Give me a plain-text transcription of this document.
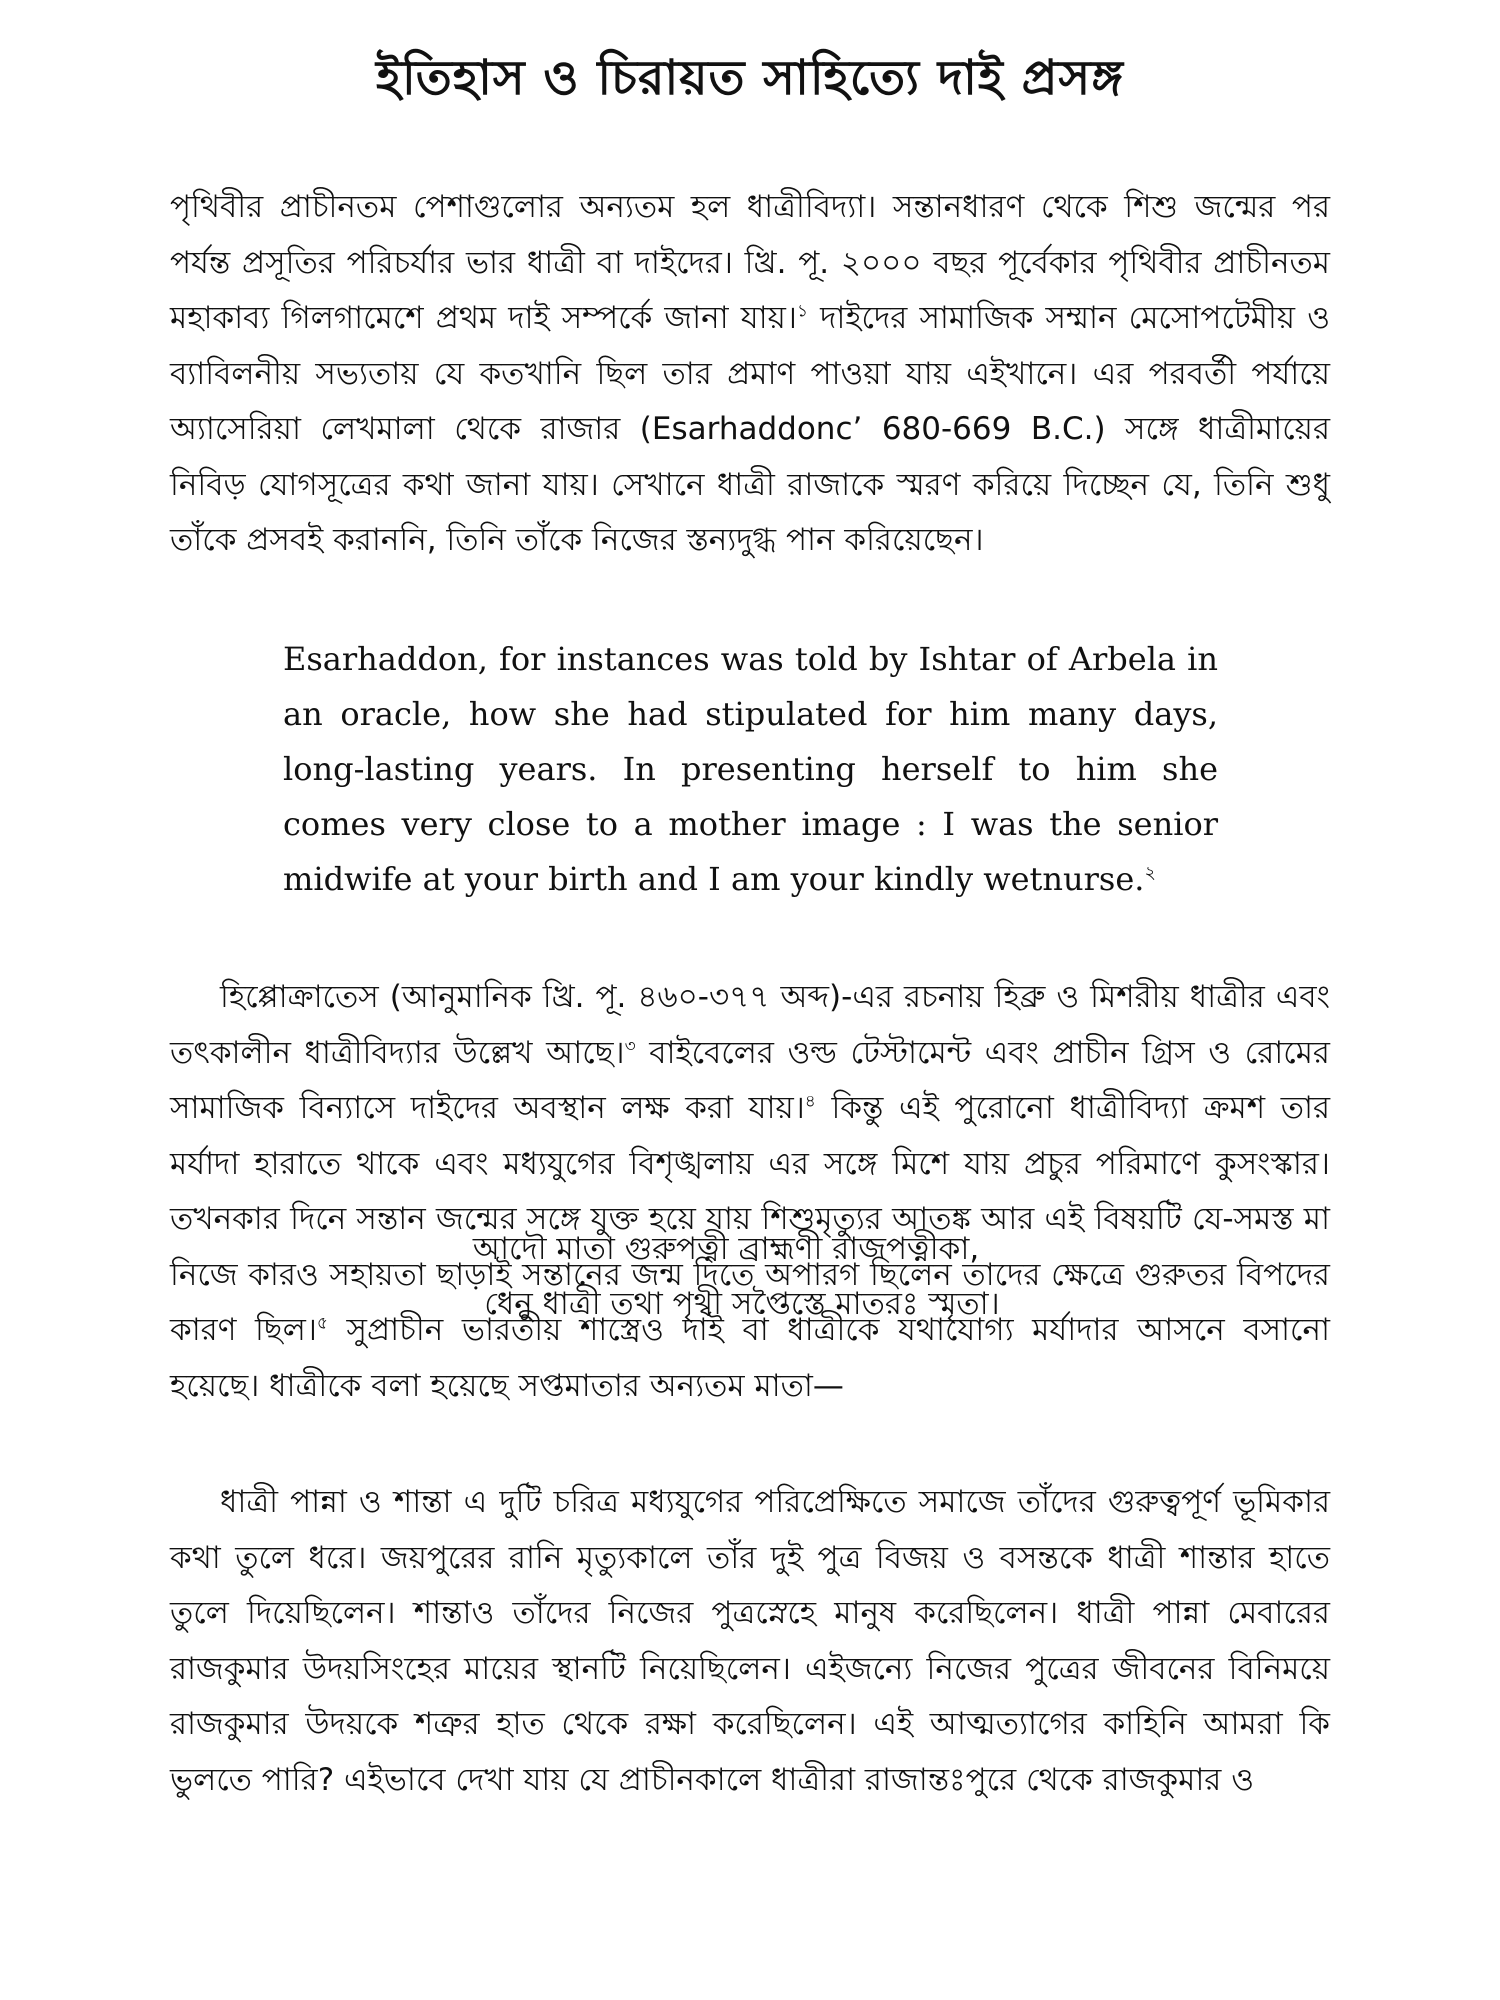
ইতিহাস ও চিরায়ত সাহিত্যে দাই প্রসঙ্গ

পৃথিবীর প্রাচীনতম পেশাগুলোর অন্যতম হল ধাত্রীবিদ্যা। সন্তানধারণ থেকে শিশু জন্মের পর পর্যন্ত প্রসূতির পরিচর্যার ভার ধাত্রী বা দাইদের। খ্রি. পূ. ২০০০ বছর পূর্বেকার পৃথিবীর প্রাচীনতম মহাকাব্য গিলগামেশে প্রথম দাই সম্পর্কে জানা যায়।$^১$ দাইদের সামাজিক সম্মান মেসোপটেমীয় ও ব্যাবিলনীয় সভ্যতায় যে কতখানি ছিল তার প্রমাণ পাওয়া যায় এইখানে। এর পরবর্তী পর্যায়ে অ্যাসেরিয়া লেখমালা থেকে রাজার (Esarhaddonc’ 680-669 B.C.) সঙ্গে ধাত্রীমায়ের নিবিড় যোগসূত্রের কথা জানা যায়। সেখানে ধাত্রী রাজাকে স্মরণ করিয়ে দিচ্ছেন যে, তিনি শুধু তাঁকে প্রসবই করাননি, তিনি তাঁকে নিজের স্তন্যদুগ্ধ পান করিয়েছেন।

Esarhaddon, for instances was told by Ishtar of Arbela in an oracle, how she had stipulated for him many days, long-lasting years. In presenting herself to him she comes very close to a mother image : I was the senior midwife at your birth and I am your kindly wetnurse.$^২$

হিপ্পোক্রাতেস (আনুমানিক খ্রি. পূ. ৪৬০-৩৭৭ অব্দ)-এর রচনায় হিব্রু ও মিশরীয় ধাত্রীর এবং তৎকালীন ধাত্রীবিদ্যার উল্লেখ আছে।$^৩$ বাইবেলের ওল্ড টেস্টামেন্ট এবং প্রাচীন গ্রিস ও রোমের সামাজিক বিন্যাসে দাইদের অবস্থান লক্ষ করা যায়।$^৪$ কিন্তু এই পুরোনো ধাত্রীবিদ্যা ক্রমশ তার মর্যাদা হারাতে থাকে এবং মধ্যযুগের বিশৃঙ্খলায় এর সঙ্গে মিশে যায় প্রচুর পরিমাণে কুসংস্কার। তখনকার দিনে সন্তান জন্মের সঙ্গে যুক্ত হয়ে যায় শিশুমৃত্যুর আতঙ্ক আর এই বিষয়টি যে-সমস্ত মা নিজে কারও সহায়তা ছাড়াই সন্তানের জন্ম দিতে অপারগ ছিলেন তাদের ক্ষেত্রে গুরুতর বিপদের কারণ ছিল।$^৫$ সুপ্রাচীন ভারতীয় শাস্ত্রেও দাই বা ধাত্রীকে যথাযোগ্য মর্যাদার আসনে বসানো হয়েছে। ধাত্রীকে বলা হয়েছে সপ্তমাতার অন্যতম মাতা—

আদৌ মাতা গুরুপত্নী ব্রাহ্মণী রাজপত্নীকা,

ধেনু ধাত্রী তথা পৃথ্বী সপ্তৈস্তে মাতরঃ স্মৃতা।

ধাত্রী পান্না ও শান্তা এ দুটি চরিত্র মধ্যযুগের পরিপ্রেক্ষিতে সমাজে তাঁদের গুরুত্বপূর্ণ ভূমিকার কথা তুলে ধরে। জয়পুরের রানি মৃত্যুকালে তাঁর দুই পুত্র বিজয় ও বসন্তকে ধাত্রী শান্তার হাতে তুলে দিয়েছিলেন। শান্তাও তাঁদের নিজের পুত্রস্নেহে মানুষ করেছিলেন। ধাত্রী পান্না মেবারের রাজকুমার উদয়সিংহের মায়ের স্থানটি নিয়েছিলেন। এইজন্যে নিজের পুত্রের জীবনের বিনিময়ে রাজকুমার উদয়কে শত্রুর হাত থেকে রক্ষা করেছিলেন। এই আত্মত্যাগের কাহিনি আমরা কি ভুলতে পারি? এইভাবে দেখা যায় যে প্রাচীনকালে ধাত্রীরা রাজান্তঃপুরে থেকে রাজকুমার ও
